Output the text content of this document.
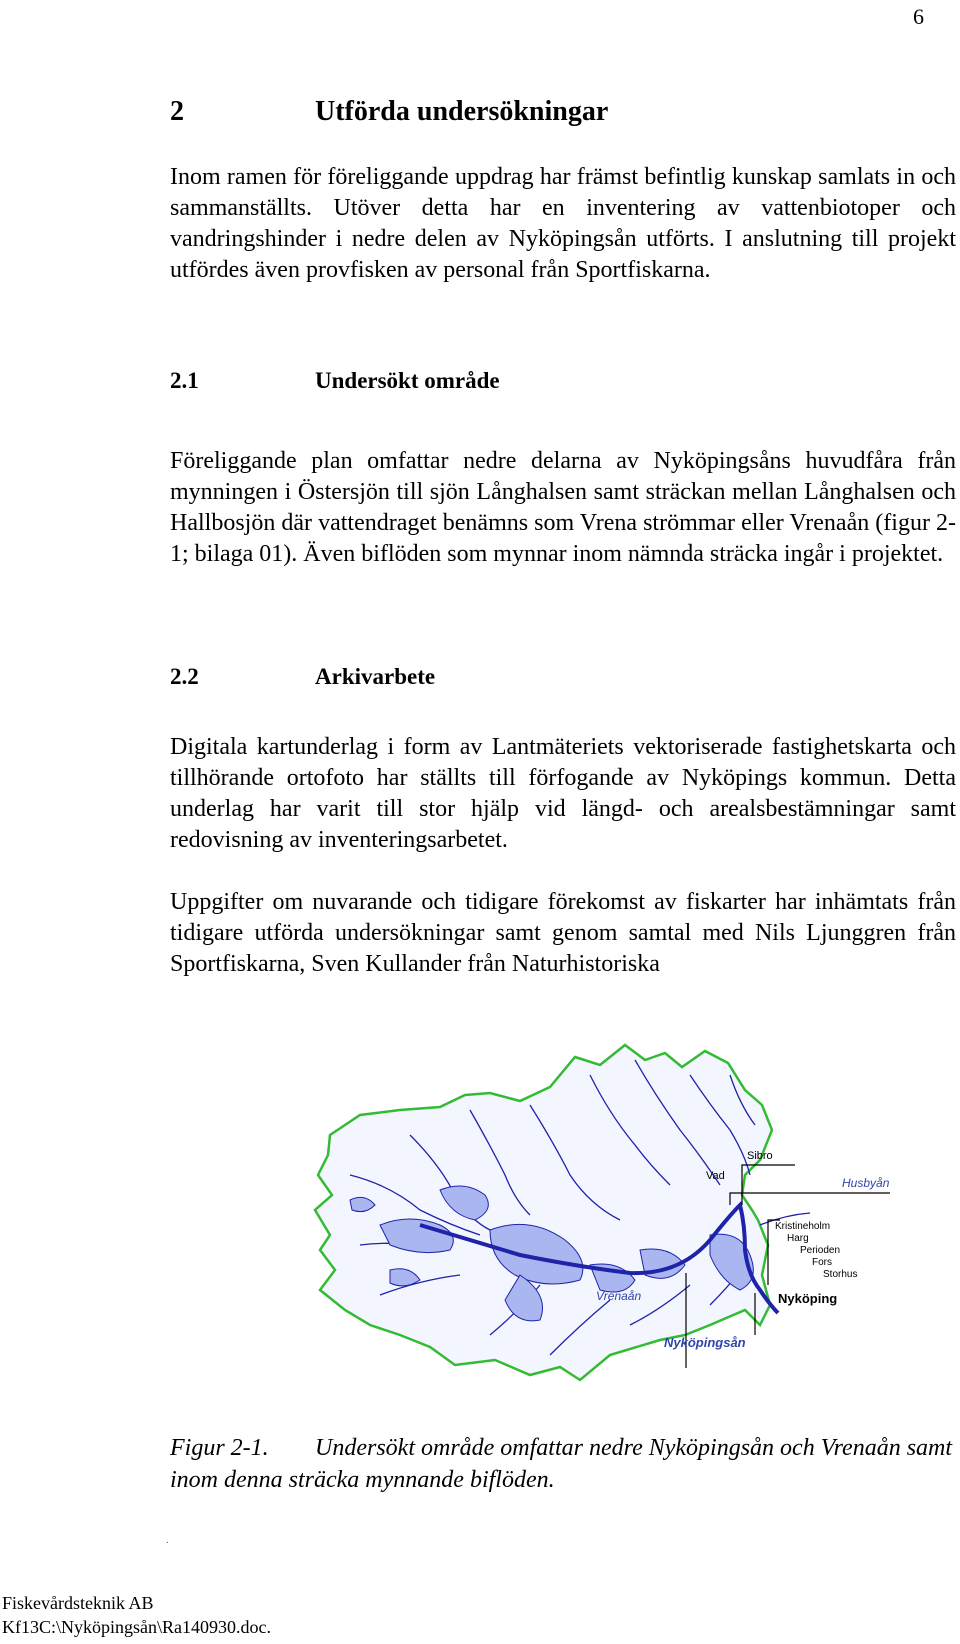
6
2	Utförda undersökningar
Inom ramen för föreliggande uppdrag har främst befintlig kunskap samlats in och sammanställts. Utöver detta har en inventering av vattenbiotoper och vandringshinder i nedre delen av Nyköpingsån utförts. I anslutning till projekt utfördes även provfisken av personal från Sportfiskarna.
2.1	Undersökt område
Föreliggande plan omfattar nedre delarna av Nyköpingsåns huvudfåra från mynningen i Östersjön till sjön Långhalsen samt sträckan mellan Långhalsen och Hallbosjön där vattendraget benämns som Vrena strömmar eller Vrenaån (figur 2-1; bilaga 01). Även biflöden som mynnar inom nämnda sträcka ingår i projektet.
2.2	Arkivarbete
Digitala kartunderlag i form av Lantmäteriets vektoriserade fastighetskarta och tillhörande ortofoto har ställts till förfogande av Nyköpings kommun. Detta underlag har varit till stor hjälp vid längd- och arealsbestämningar samt redovisning av inventeringsarbetet.
Uppgifter om nuvarande och tidigare förekomst av fiskarter har inhämtats från tidigare utförda undersökningar samt genom samtal med Nils Ljunggren från Sportfiskarna, Sven Kullander från Naturhistoriska
Vad
Sibro
Husbyån
Kristineholm
Harg
Perioden
Fors
Storhus
Nyköping
Vrenaån
Nyköpingsån
Figur 2-1. Undersökt område omfattar nedre Nyköpingsån och Vrenaån samt inom denna sträcka mynnande biflöden.
.
Fiskevårdsteknik AB
Kf13C:\Nyköpingsån\Ra140930.doc.
